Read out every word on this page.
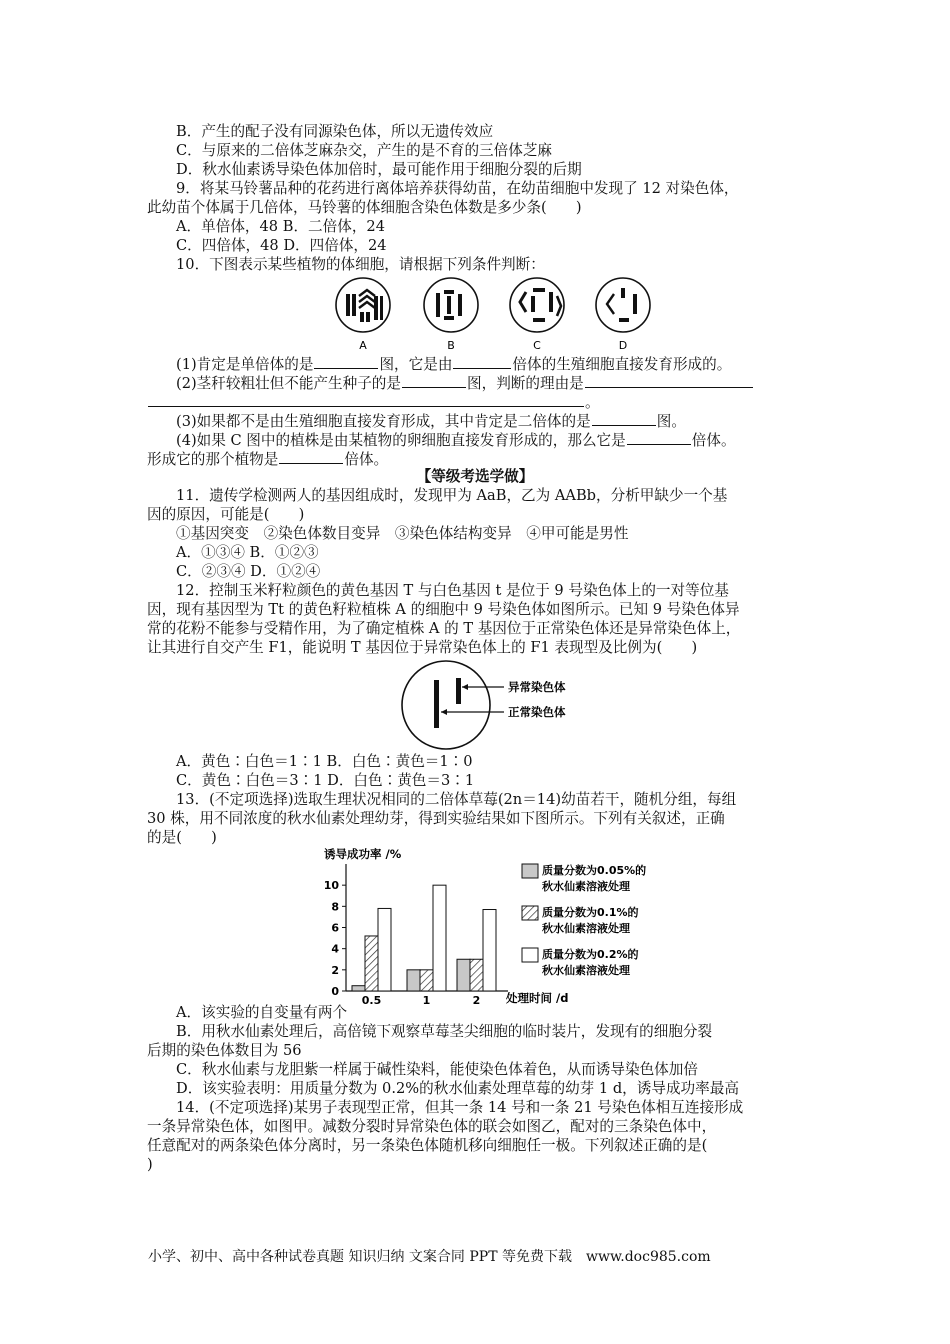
B．产生的配子没有同源染色体，所以无遗传效应
C．与原来的二倍体芝麻杂交，产生的是不育的三倍体芝麻
D．秋水仙素诱导染色体加倍时，最可能作用于细胞分裂的后期
9．将某马铃薯品种的花药进行离体培养获得幼苗，在幼苗细胞中发现了 12 对染色体，
此幼苗个体属于几倍体，马铃薯的体细胞含染色体数是多少条(　　)
A．单倍体，48 B．二倍体，24
C．四倍体，48 D．四倍体，24
10．下图表示某些植物的体细胞，请根据下列条件判断：
A	B	C	D
(1)肯定是单倍体的是	图，它是由	倍体的生殖细胞直接发育形成的。
(2)茎秆较粗壮但不能产生种子的是	图，判断的理由是
。
(3)如果都不是由生殖细胞直接发育形成，其中肯定是二倍体的是	图。
(4)如果 C 图中的植株是由某植物的卵细胞直接发育形成的，那么它是	倍体。
形成它的那个植物是	倍体。
【等级考选学做】
11．遗传学检测两人的基因组成时，发现甲为 AaB，乙为 AABb，分析甲缺少一个基
因的原因，可能是(　　)
①基因突变　②染色体数目变异　③染色体结构变异　④甲可能是男性
A．①③④ B．①②③
C．②③④ D．①②④
12．控制玉米籽粒颜色的黄色基因 T 与白色基因 t 是位于 9 号染色体上的一对等位基
因，现有基因型为 Tt 的黄色籽粒植株 A 的细胞中 9 号染色体如图所示。已知 9 号染色体异
常的花粉不能参与受精作用，为了确定植株 A 的 T 基因位于正常染色体还是异常染色体上，
让其进行自交产生 F1，能说明 T 基因位于异常染色体上的 F1 表现型及比例为(　　)
异常染色体
正常染色体
A．黄色∶白色＝1∶1 B．白色∶黄色＝1∶0
C．黄色∶白色＝3∶1 D．白色∶黄色＝3∶1
13．(不定项选择)选取生理状况相同的二倍体草莓(2n＝14)幼苗若干，随机分组，每组
30 株，用不同浓度的秋水仙素处理幼芽，得到实验结果如下图所示。下列有关叙述，正确
的是(　　)
诱导成功率 /%
0
2
4
6
8
10
0.5	1	2 处理时间 /d
质量分数为0.05%的
秋水仙素溶液处理
质量分数为0.1%的
秋水仙素溶液处理
质量分数为0.2%的
秋水仙素溶液处理
A．该实验的自变量有两个
B．用秋水仙素处理后，高倍镜下观察草莓茎尖细胞的临时装片，发现有的细胞分裂
后期的染色体数目为 56
C．秋水仙素与龙胆紫一样属于碱性染料，能使染色体着色，从而诱导染色体加倍
D．该实验表明：用质量分数为 0.2%的秋水仙素处理草莓的幼芽 1 d，诱导成功率最高
14．(不定项选择)某男子表现型正常，但其一条 14 号和一条 21 号染色体相互连接形成
一条异常染色体，如图甲。减数分裂时异常染色体的联会如图乙，配对的三条染色体中，
任意配对的两条染色体分离时，另一条染色体随机移向细胞任一极。下列叙述正确的是(
)
小学、初中、高中各种试卷真题 知识归纳 文案合同 PPT 等免费下载　www.doc985.com
